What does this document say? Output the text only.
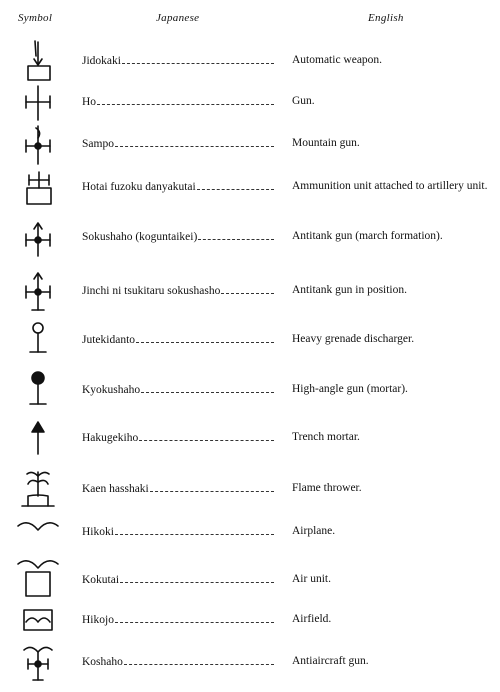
Symbol	Japanese	English
Jidokaki	Automatic weapon.
Ho	Gun.
Sampo	Mountain gun.
Hotai fuzoku danyakutai	Ammunition unit attached to artillery unit.
Sokushaho (koguntaikei)	Antitank gun (march formation).
Jinchi ni tsukitaru sokushasho	Antitank gun in position.
Jutekidanto	Heavy grenade discharger.
Kyokushaho	High-angle gun (mortar).
Hakugekiho	Trench mortar.
Kaen hasshaki	Flame thrower.
Hikoki	Airplane.
Kokutai	Air unit.
Hikojo	Airfield.
Koshaho	Antiaircraft gun.
